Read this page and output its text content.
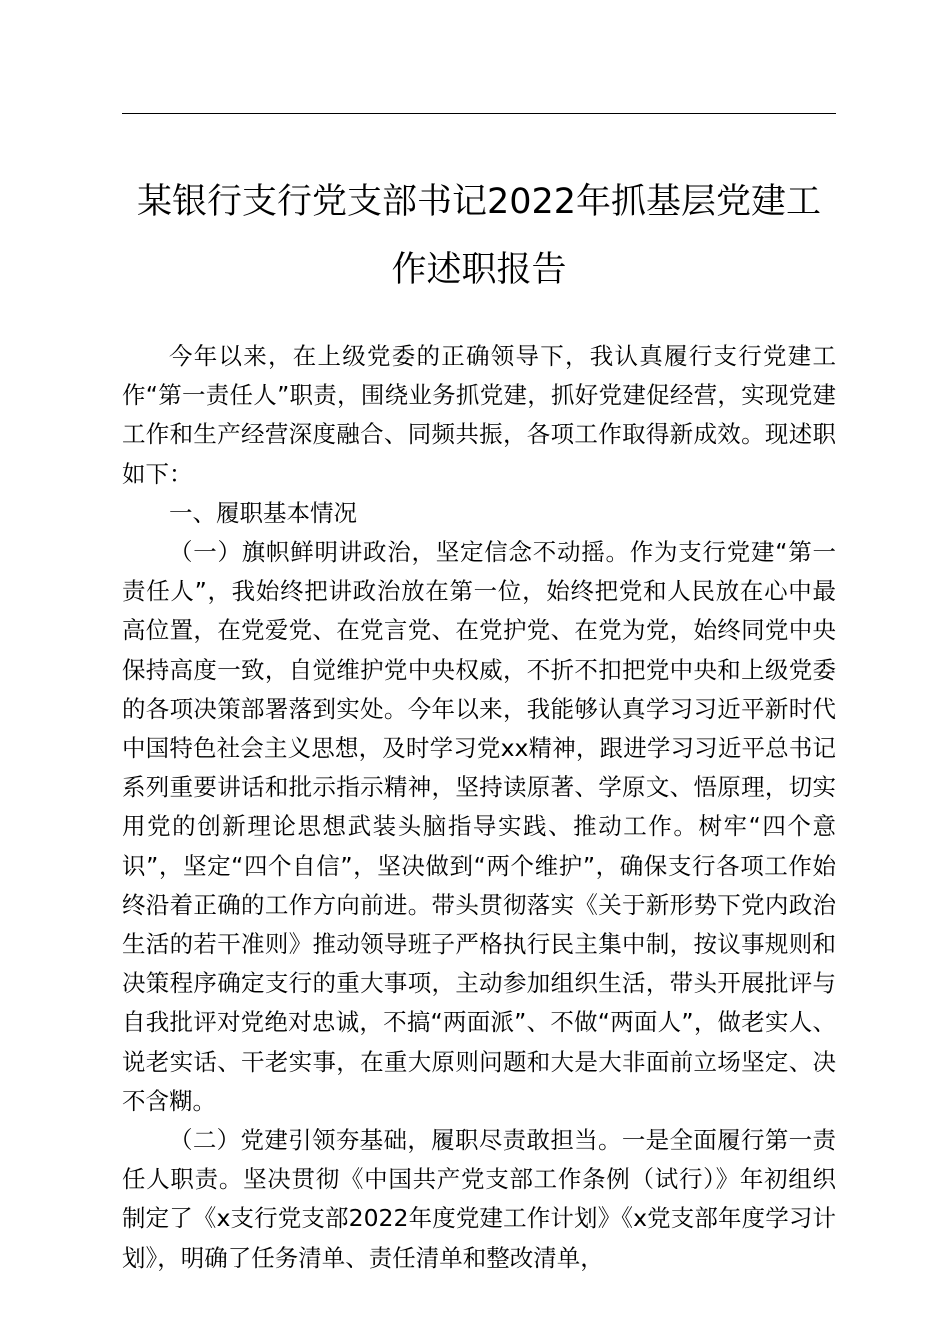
某银行支行党支部书记2022年抓基层党建工作述职报告

今年以来，在上级党委的正确领导下，我认真履行支行党建工作“第一责任人”职责，围绕业务抓党建，抓好党建促经营，实现党建工作和生产经营深度融合、同频共振，各项工作取得新成效。现述职如下：

一、履职基本情况

（一）旗帜鲜明讲政治，坚定信念不动摇。作为支行党建“第一责任人”，我始终把讲政治放在第一位，始终把党和人民放在心中最高位置，在党爱党、在党言党、在党护党、在党为党，始终同党中央保持高度一致，自觉维护党中央权威，不折不扣把党中央和上级党委的各项决策部署落到实处。今年以来，我能够认真学习习近平新时代中国特色社会主义思想，及时学习党xx精神，跟进学习习近平总书记系列重要讲话和批示指示精神，坚持读原著、学原文、悟原理，切实用党的创新理论思想武装头脑指导实践、推动工作。树牢“四个意识”，坚定“四个自信”，坚决做到“两个维护”，确保支行各项工作始终沿着正确的工作方向前进。带头贯彻落实《关于新形势下党内政治生活的若干准则》推动领导班子严格执行民主集中制，按议事规则和决策程序确定支行的重大事项，主动参加组织生活，带头开展批评与自我批评对党绝对忠诚，不搞“两面派”、不做“两面人”，做老实人、说老实话、干老实事，在重大原则问题和大是大非面前立场坚定、决不含糊。

（二）党建引领夯基础，履职尽责敢担当。一是全面履行第一责任人职责。坚决贯彻《中国共产党支部工作条例（试行）》年初组织制定了《x支行党支部2022年度党建工作计划》《x党支部年度学习计划》，明确了任务清单、责任清单和整改清单，
